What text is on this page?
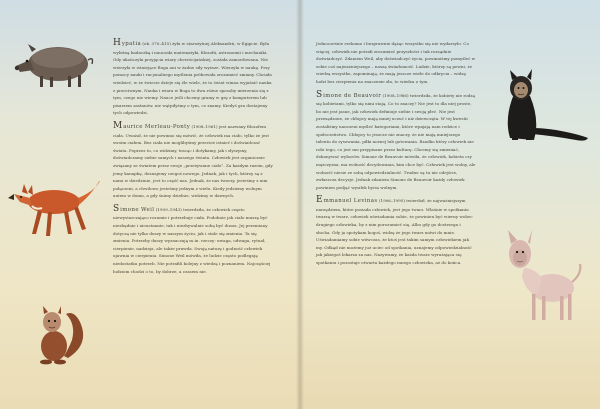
Hypatia (ok. 370–415) żyła w starożytnej Aleksandrii, w Egipcie. Była wybitną badaczką i nauczała matematyki, filozofii, astronomii i mechaniki. Gdy ukończyła przyjęcia wiary chrześcijańskiej, została zamordowana. Nie wierzyła w istniejące Boga ani w żadne siły wyższe. Wierzyła w naukę. Przy pomocy nauki i racjonalnego myślenia próbowała zrozumieć zmiany. Chciała wiedzieć, w że świecie dzieje się źle wiele, że to świat winna wyjaśnić nauka z przeciwnym. Nauka i wiara w Boga to dwa różne sposoby mierzenia się z tym, czego nie wiemy. Nauce jeśli chcemy gramy w grę z komputerem lub pisarzem zastanów, nie wątpiłyśmy o tym, co znamy. Kiedyś gra dostajemy tych odpowiedzi.

Maurice Merleau-Ponty (1908–1961) jest nazwany filozofem ciała. Uważał, że nie powinno się mówić, że człowiek ma ciało, tylko że jest swoim ciałem. Bez ciała nie moglibyśmy przecież istnieć i doświadczać świata. Poprzez to, co widzimy, tracąc i dotykamy, jak i słyszymy, doświadczamy siebie samych i naszego świata. Człowiek jest organicznie związany ze światem przez swoje „przeżywane ciało”. Za każdym razem, gdy jemy kanapkę, doznajemy czegoś nowego. Jednak, jak i tych, którzy są z nami w dziedzinie, jest to część nas. Jednak, że nas tworzy, jesteśmy z nim połączeni, a chwilowo jesteśmy jednym z wielu. Kiedy jedziemy wolnym autem w domu, a gdy śnimy dzielnie, widzimy w dawnych.

Simone Weil (1909–1943) twierdziła, że człowiek często niewystarczająco rozumie i potrzebuje ciała. Podobnie jak ciało muszę być niezbędnie i nieustannie, tak i niezbywalnie sobą być dusza. Jej przemiany dotyczą nie tylko duszy w naszym życiu, jak i stale się zmienia. Ta się zmienia. Potrzeby duszy wyznaczają m.in. rzeczy: uwaga, odwaga, rytuał, cierpienie, nadzieja, ale także prawda. Swoją naturę i godność człowiek ujawnia w cierpieniu. Simone Weil mówiła, że ludzie często podlegają niedostatku potrzeb. Nie potrafili kolejny z wiedzą i poznaniem. Najczęściej ludziom chodzi o to, by dobrze, a czasem nie.

Jednocześnie rzekomo i bezprawnie dążąc wszystko się nie wydarzyło. Co więcej, człowiek nie potrafi zrozumieć przyszłości i tak rozsądnie doświadczyć. Zdaniem Weil, aby doświadczyć życia, powinniśmy pomyśleć w sobie coś najważniejszego – naszą świadomość. Ludzie, którzy są pewni, że wiedzą wszystko, zapominają, że mają jeszcze wiele do odkrycia – widzę ludzi bez cierpienia na znaczenie zła, to wiedza o tym.

Simone de Beauvoir (1908–1986) twierdziła, że kobiety nie rodzą się kobietami, tylko się nimi stają. Co to znaczy? Nie jest to dla niej proste, bo nie jest jasne, jak człowiek definiuje siebie i swoją płeć. Nie jest przesądzone, że chłopcy mają mniej uczuć i niż dziewczęta. W tej kwestii zostaliśmy nauczeni myśleć kategoriami, które wpajają nam rodzice i społeczeństwo. Chłopcy to jeszcze nie znaczy, że nie mają mniejszego talentu do rysowania, piłki nożnej lub gotowania. Rzadko który człowiek nie robi tego, co jest mu przypisane przez kulturę. Chcemy się zmieniać, dokonywać wyborów. Simone de Beauvoir mówiła, że człowiek, kobieta czy mężczyzna, ma wolność decydowania, kim chce być. Człowiek jest wolny, ale wolność niesie ze sobą odpowiedzialność. Trudne są tu nie odejście, zwłaszcza decyzje. Jednak zdaniem Simone de Beauvoir każdy człowiek powinien podjąć wysiłek bycia wolnym.

Emmanuel Levinas (1906–1995) twierdził, że najważniejszym narzędziem, które posiada człowiek, jest jego twarz. Właśnie w spotkaniu twarzą w twarz, człowiek uświadamia sobie, że powinien być wierny wobec drugiego człowieka, by z nim porozumieć się. Albo gdy go dostrzega i słucha. Gdy ja spotykam kogoś, widzę że jego twarz mówi do mnie. Uświadamiamy sobie wówczas, że ktoś jest takim samym człowiekiem jak my. Odkąd nie możemy już uciec od spotkania, uznajemy odpowiedzialność jak jakiegoś lekarza za nas. Nazywamy, że każda twarz wyrażająca się spotkaniu i pozostaje otwarta każdego innego człowieka, aż do końca.
